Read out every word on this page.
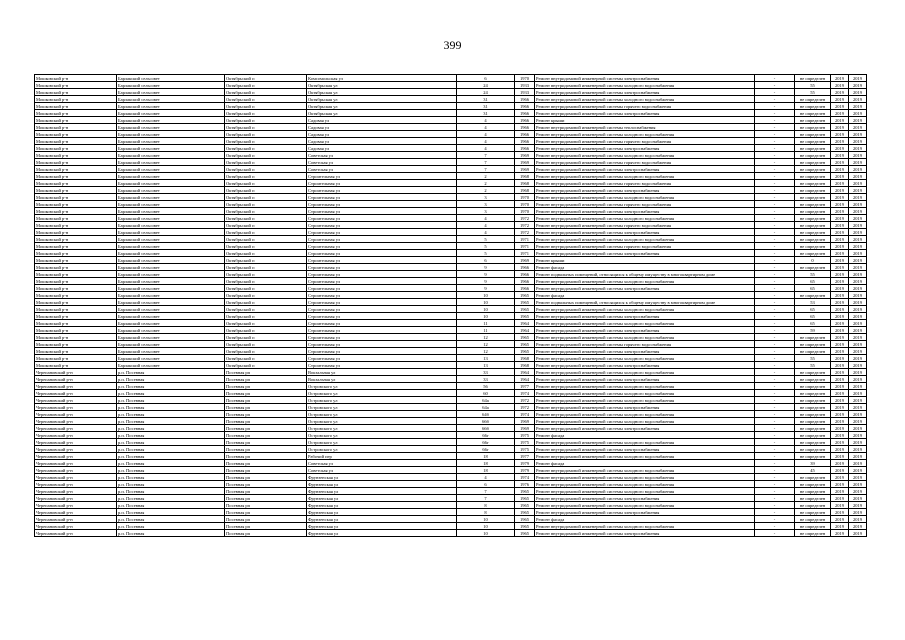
399
Мошковский р-н	Барлакский сельсовет	Октябрьский п	Комсомольская ул	6	1970	Ремонт внутридомовой инженерной системы электроснабжения	-	не определен	2019	2019
Мошковский р-н	Барлакский сельсовет	Октябрьский п	Октябрьская ул	24	1933	Ремонт внутридомовой инженерной системы холодного водоснабжения	-	55	2019	2019
Мошковский р-н	Барлакский сельсовет	Октябрьский п	Октябрьская ул	24	1933	Ремонт внутридомовой инженерной системы электроснабжения	-	55	2019	2019
Мошковский р-н	Барлакский сельсовет	Октябрьский п	Октябрьская ул	31	1966	Ремонт внутридомовой инженерной системы холодного водоснабжения	-	не определен	2019	2019
Мошковский р-н	Барлакский сельсовет	Октябрьский п	Октябрьская ул	31	1966	Ремонт внутридомовой инженерной системы горячего водоснабжения	-	не определен	2019	2019
Мошковский р-н	Барлакский сельсовет	Октябрьский п	Октябрьская ул	31	1966	Ремонт внутридомовой инженерной системы электроснабжения	-	не определен	2019	2019
Мошковский р-н	Барлакский сельсовет	Октябрьский п	Садовая ул	4	1966	Ремонт крыши	-	не определен	2019	2019
Мошковский р-н	Барлакский сельсовет	Октябрьский п	Садовая ул	4	1966	Ремонт внутридомовой инженерной системы теплоснабжения	-	не определен	2019	2019
Мошковский р-н	Барлакский сельсовет	Октябрьский п	Садовая ул	4	1966	Ремонт внутридомовой инженерной системы холодного водоснабжения	-	не определен	2019	2019
Мошковский р-н	Барлакский сельсовет	Октябрьский п	Садовая ул	4	1966	Ремонт внутридомовой инженерной системы горячего водоснабжения	-	не определен	2019	2019
Мошковский р-н	Барлакский сельсовет	Октябрьский п	Садовая ул	4	1966	Ремонт внутридомовой инженерной системы электроснабжения	-	не определен	2019	2019
Мошковский р-н	Барлакский сельсовет	Октябрьский п	Советская ул	7	1969	Ремонт внутридомовой инженерной системы холодного водоснабжения	-	не определен	2019	2019
Мошковский р-н	Барлакский сельсовет	Октябрьский п	Советская ул	7	1969	Ремонт внутридомовой инженерной системы горячего водоснабжения	-	не определен	2019	2019
Мошковский р-н	Барлакский сельсовет	Октябрьский п	Советская ул	7	1969	Ремонт внутридомовой инженерной системы электроснабжения	-	не определен	2019	2019
Мошковский р-н	Барлакский сельсовет	Октябрьский п	Строительная ул	2	1968	Ремонт внутридомовой инженерной системы холодного водоснабжения	-	не определен	2019	2019
Мошковский р-н	Барлакский сельсовет	Октябрьский п	Строительная ул	2	1968	Ремонт внутридомовой инженерной системы горячего водоснабжения	-	не определен	2019	2019
Мошковский р-н	Барлакский сельсовет	Октябрьский п	Строительная ул	2	1968	Ремонт внутридомовой инженерной системы электроснабжения	-	не определен	2019	2019
Мошковский р-н	Барлакский сельсовет	Октябрьский п	Строительная ул	3	1970	Ремонт внутридомовой инженерной системы холодного водоснабжения	-	не определен	2019	2019
Мошковский р-н	Барлакский сельсовет	Октябрьский п	Строительная ул	3	1970	Ремонт внутридомовой инженерной системы горячего водоснабжения	-	не определен	2019	2019
Мошковский р-н	Барлакский сельсовет	Октябрьский п	Строительная ул	3	1970	Ремонт внутридомовой инженерной системы электроснабжения	-	не определен	2019	2019
Мошковский р-н	Барлакский сельсовет	Октябрьский п	Строительная ул	4	1972	Ремонт внутридомовой инженерной системы холодного водоснабжения	-	не определен	2019	2019
Мошковский р-н	Барлакский сельсовет	Октябрьский п	Строительная ул	4	1972	Ремонт внутридомовой инженерной системы горячего водоснабжения	-	не определен	2019	2019
Мошковский р-н	Барлакский сельсовет	Октябрьский п	Строительная ул	4	1972	Ремонт внутридомовой инженерной системы электроснабжения	-	не определен	2019	2019
Мошковский р-н	Барлакский сельсовет	Октябрьский п	Строительная ул	5	1971	Ремонт внутридомовой инженерной системы холодного водоснабжения	-	не определен	2019	2019
Мошковский р-н	Барлакский сельсовет	Октябрьский п	Строительная ул	5	1971	Ремонт внутридомовой инженерной системы горячего водоснабжения	-	не определен	2019	2019
Мошковский р-н	Барлакский сельсовет	Октябрьский п	Строительная ул	5	1971	Ремонт внутридомовой инженерной системы электроснабжения	-	не определен	2019	2019
Мошковский р-н	Барлакский сельсовет	Октябрьский п	Строительная ул	6	1969	Ремонт крыши	-	0	2019	2019
Мошковский р-н	Барлакский сельсовет	Октябрьский п	Строительная ул	9	1966	Ремонт фасада	-	не определен	2019	2019
Мошковский р-н	Барлакский сельсовет	Октябрьский п	Строительная ул	9	1966	Ремонт подвальных помещений, относящихся к общему имуществу в многоквартирном доме	-	55	2019	2019
Мошковский р-н	Барлакский сельсовет	Октябрьский п	Строительная ул	9	1966	Ремонт внутридомовой инженерной системы холодного водоснабжения	-	65	2019	2019
Мошковский р-н	Барлакский сельсовет	Октябрьский п	Строительная ул	9	1966	Ремонт внутридомовой инженерной системы электроснабжения	-	65	2019	2019
Мошковский р-н	Барлакский сельсовет	Октябрьский п	Строительная ул	10	1965	Ремонт фасада	-	не определен	2019	2019
Мошковский р-н	Барлакский сельсовет	Октябрьский п	Строительная ул	10	1965	Ремонт подвальных помещений, относящихся к общему имуществу в многоквартирном доме	-	53	2019	2019
Мошковский р-н	Барлакский сельсовет	Октябрьский п	Строительная ул	10	1965	Ремонт внутридомовой инженерной системы холодного водоснабжения	-	65	2019	2019
Мошковский р-н	Барлакский сельсовет	Октябрьский п	Строительная ул	10	1965	Ремонт внутридомовой инженерной системы электроснабжения	-	65	2019	2019
Мошковский р-н	Барлакский сельсовет	Октябрьский п	Строительная ул	11	1964	Ремонт внутридомовой инженерной системы холодного водоснабжения	-	65	2019	2019
Мошковский р-н	Барлакский сельсовет	Октябрьский п	Строительная ул	11	1964	Ремонт внутридомовой инженерной системы электроснабжения	-	59	2019	2019
Мошковский р-н	Барлакский сельсовет	Октябрьский п	Строительная ул	12	1965	Ремонт внутридомовой инженерной системы холодного водоснабжения	-	не определен	2019	2019
Мошковский р-н	Барлакский сельсовет	Октябрьский п	Строительная ул	12	1965	Ремонт внутридомовой инженерной системы горячего водоснабжения	-	не определен	2019	2019
Мошковский р-н	Барлакский сельсовет	Октябрьский п	Строительная ул	12	1965	Ремонт внутридомовой инженерной системы электроснабжения	-	не определен	2019	2019
Мошковский р-н	Барлакский сельсовет	Октябрьский п	Строительная ул	13	1968	Ремонт внутридомовой инженерной системы холодного водоснабжения	-	55	2019	2019
Мошковский р-н	Барлакский сельсовет	Октябрьский п	Строительная ул	13	1968	Ремонт внутридомовой инженерной системы электроснабжения	-	55	2019	2019
Черепановский р-н	р.п. Посевная	Посевная рп	Вокзальная ул	33	1964	Ремонт внутридомовой инженерной системы холодного водоснабжения	-	не определен	2019	2019
Черепановский р-н	р.п. Посевная	Посевная рп	Вокзальная ул	33	1964	Ремонт внутридомовой инженерной системы электроснабжения	-	не определен	2019	2019
Черепановский р-н	р.п. Посевная	Посевная рп	Островского ул	56	1977	Ремонт внутридомовой инженерной системы холодного водоснабжения	-	не определен	2019	2019
Черепановский р-н	р.п. Посевная	Посевная рп	Островского ул	60	1974	Ремонт внутридомовой инженерной системы холодного водоснабжения	-	не определен	2019	2019
Черепановский р-н	р.п. Посевная	Посевная рп	Островского ул	64а	1972	Ремонт внутридомовой инженерной системы холодного водоснабжения	-	не определен	2019	2019
Черепановский р-н	р.п. Посевная	Посевная рп	Островского ул	64а	1972	Ремонт внутридомовой инженерной системы электроснабжения	-	не определен	2019	2019
Черепановский р-н	р.п. Посевная	Посевная рп	Островского ул	64б	1974	Ремонт внутридомовой инженерной системы холодного водоснабжения	-	не определен	2019	2019
Черепановский р-н	р.п. Посевная	Посевная рп	Островского ул	66б	1969	Ремонт внутридомовой инженерной системы холодного водоснабжения	-	не определен	2019	2019
Черепановский р-н	р.п. Посевная	Посевная рп	Островского ул	66б	1969	Ремонт внутридомовой инженерной системы электроснабжения	-	не определен	2019	2019
Черепановский р-н	р.п. Посевная	Посевная рп	Островского ул	66г	1975	Ремонт фасада	-	не определен	2019	2019
Черепановский р-н	р.п. Посевная	Посевная рп	Островского ул	66г	1975	Ремонт внутридомовой инженерной системы холодного водоснабжения	-	не определен	2019	2019
Черепановский р-н	р.п. Посевная	Посевная рп	Островского ул	66г	1975	Ремонт внутридомовой инженерной системы электроснабжения	-	не определен	2019	2019
Черепановский р-н	р.п. Посевная	Посевная рп	Рабочий пер	18	1977	Ремонт внутридомовой инженерной системы холодного водоснабжения	-	не определен	2019	2019
Черепановский р-н	р.п. Посевная	Посевная рп	Советская ул	18	1979	Ремонт фасада	-	39	2019	2019
Черепановский р-н	р.п. Посевная	Посевная рп	Советская ул	18	1979	Ремонт внутридомовой инженерной системы холодного водоснабжения	-	45	2019	2019
Черепановский р-н	р.п. Посевная	Посевная рп	Фрунзенская ул	4	1974	Ремонт внутридомовой инженерной системы холодного водоснабжения	-	не определен	2019	2019
Черепановский р-н	р.п. Посевная	Посевная рп	Фрунзенская ул	6	1976	Ремонт внутридомовой инженерной системы холодного водоснабжения	-	не определен	2019	2019
Черепановский р-н	р.п. Посевная	Посевная рп	Фрунзенская ул	7	1965	Ремонт внутридомовой инженерной системы холодного водоснабжения	-	не определен	2019	2019
Черепановский р-н	р.п. Посевная	Посевная рп	Фрунзенская ул	7	1965	Ремонт внутридомовой инженерной системы электроснабжения	-	не определен	2019	2019
Черепановский р-н	р.п. Посевная	Посевная рп	Фрунзенская ул	8	1965	Ремонт внутридомовой инженерной системы холодного водоснабжения	-	не определен	2019	2019
Черепановский р-н	р.п. Посевная	Посевная рп	Фрунзенская ул	8	1965	Ремонт внутридомовой инженерной системы электроснабжения	-	не определен	2019	2019
Черепановский р-н	р.п. Посевная	Посевная рп	Фрунзенская ул	10	1965	Ремонт фасада	-	не определен	2019	2019
Черепановский р-н	р.п. Посевная	Посевная рп	Фрунзенская ул	10	1965	Ремонт внутридомовой инженерной системы холодного водоснабжения	-	не определен	2019	2019
Черепановский р-н	р.п. Посевная	Посевная рп	Фрунзенская ул	10	1965	Ремонт внутридомовой инженерной системы электроснабжения	-	не определен	2019	2019
